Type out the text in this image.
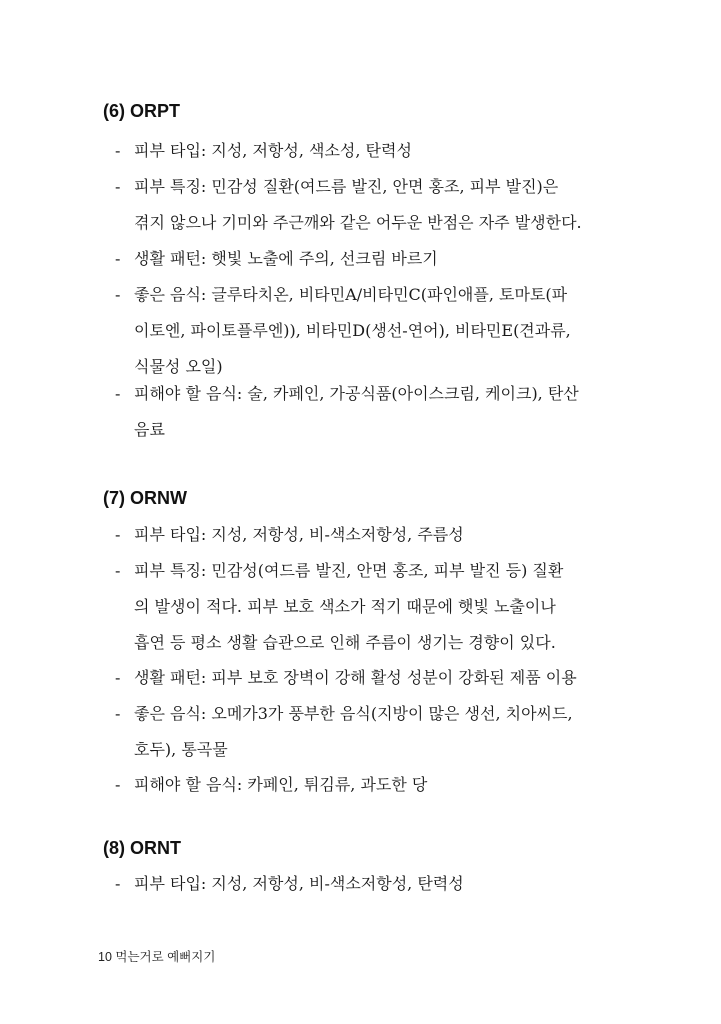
(6) ORPT
- 피부 타입: 지성, 저항성, 색소성, 탄력성
- 피부 특징: 민감성 질환(여드름 발진, 안면 홍조, 피부 발진)은
겪지 않으나 기미와 주근깨와 같은 어두운 반점은 자주 발생한다.
- 생활 패턴: 햇빛 노출에 주의, 선크림 바르기
- 좋은 음식: 글루타치온, 비타민A/비타민C(파인애플, 토마토(파
이토엔, 파이토플루엔)), 비타민D(생선-연어), 비타민E(견과류,
식물성 오일)
- 피해야 할 음식: 술, 카페인, 가공식품(아이스크림, 케이크), 탄산
음료
(7) ORNW
- 피부 타입: 지성, 저항성, 비-색소저항성, 주름성
- 피부 특징: 민감성(여드름 발진, 안면 홍조, 피부 발진 등) 질환
의 발생이 적다. 피부 보호 색소가 적기 때문에 햇빛 노출이나
흡연 등 평소 생활 습관으로 인해 주름이 생기는 경향이 있다.
- 생활 패턴: 피부 보호 장벽이 강해 활성 성분이 강화된 제품 이용
- 좋은 음식: 오메가3가 풍부한 음식(지방이 많은 생선, 치아씨드,
호두), 통곡물
- 피해야 할 음식: 카페인, 튀김류, 과도한 당
(8) ORNT
- 피부 타입: 지성, 저항성, 비-색소저항성, 탄력성
10 먹는거로 예뻐지기
